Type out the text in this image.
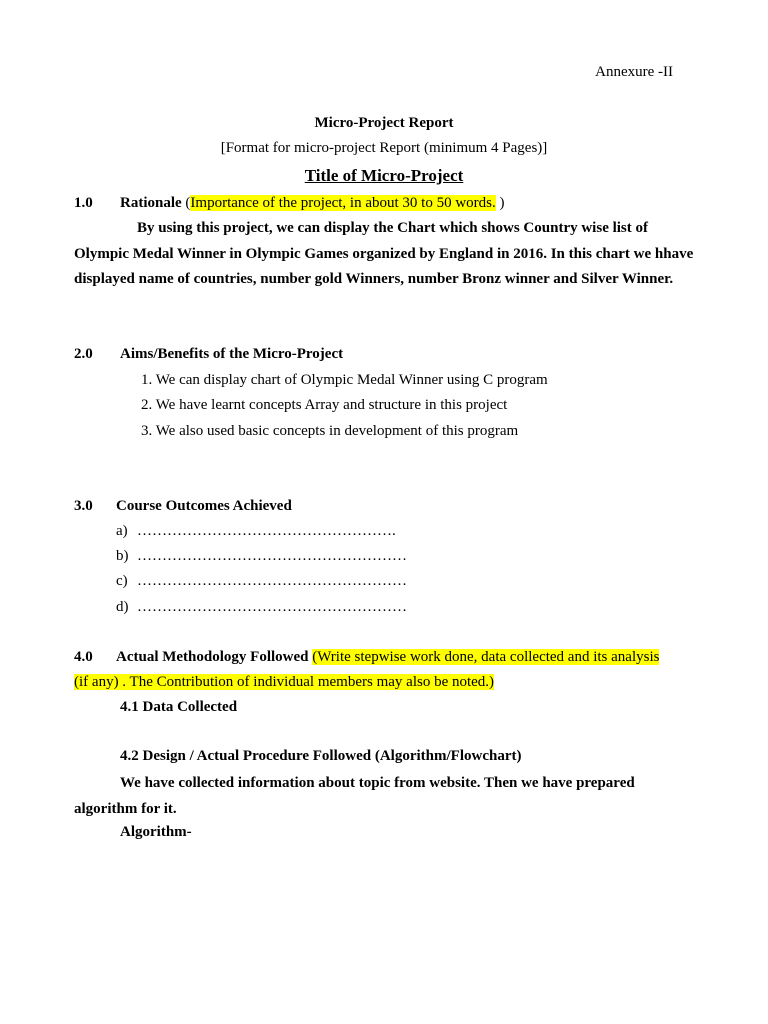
Annexure -II
Micro-Project Report
[Format for micro-project Report (minimum 4 Pages)]
Title of Micro-Project
1.0 Rationale (Importance of the project, in about 30 to 50 words. )
By using this project, we can display the Chart which shows Country wise list of Olympic Medal Winner in Olympic Games organized by England in 2016. In this chart we hhave displayed name of countries, number gold Winners, number Bronz winner and Silver Winner.
2.0 Aims/Benefits of the Micro-Project
1. We can display chart of Olympic Medal Winner using C program
2. We have learnt concepts Array and structure in this project
3. We also used basic concepts in development of this program
3.0 Course Outcomes Achieved
a) …………………………………………….
b) ………………………………………………
c) ………………………………………………
d) ………………………………………………
4.0 Actual Methodology Followed (Write stepwise work done, data collected and its analysis
(if any) . The Contribution of individual members may also be noted.)
4.1 Data Collected
4.2 Design / Actual Procedure Followed (Algorithm/Flowchart)
We have collected information about topic from website. Then we have prepared algorithm for it.
Algorithm-
